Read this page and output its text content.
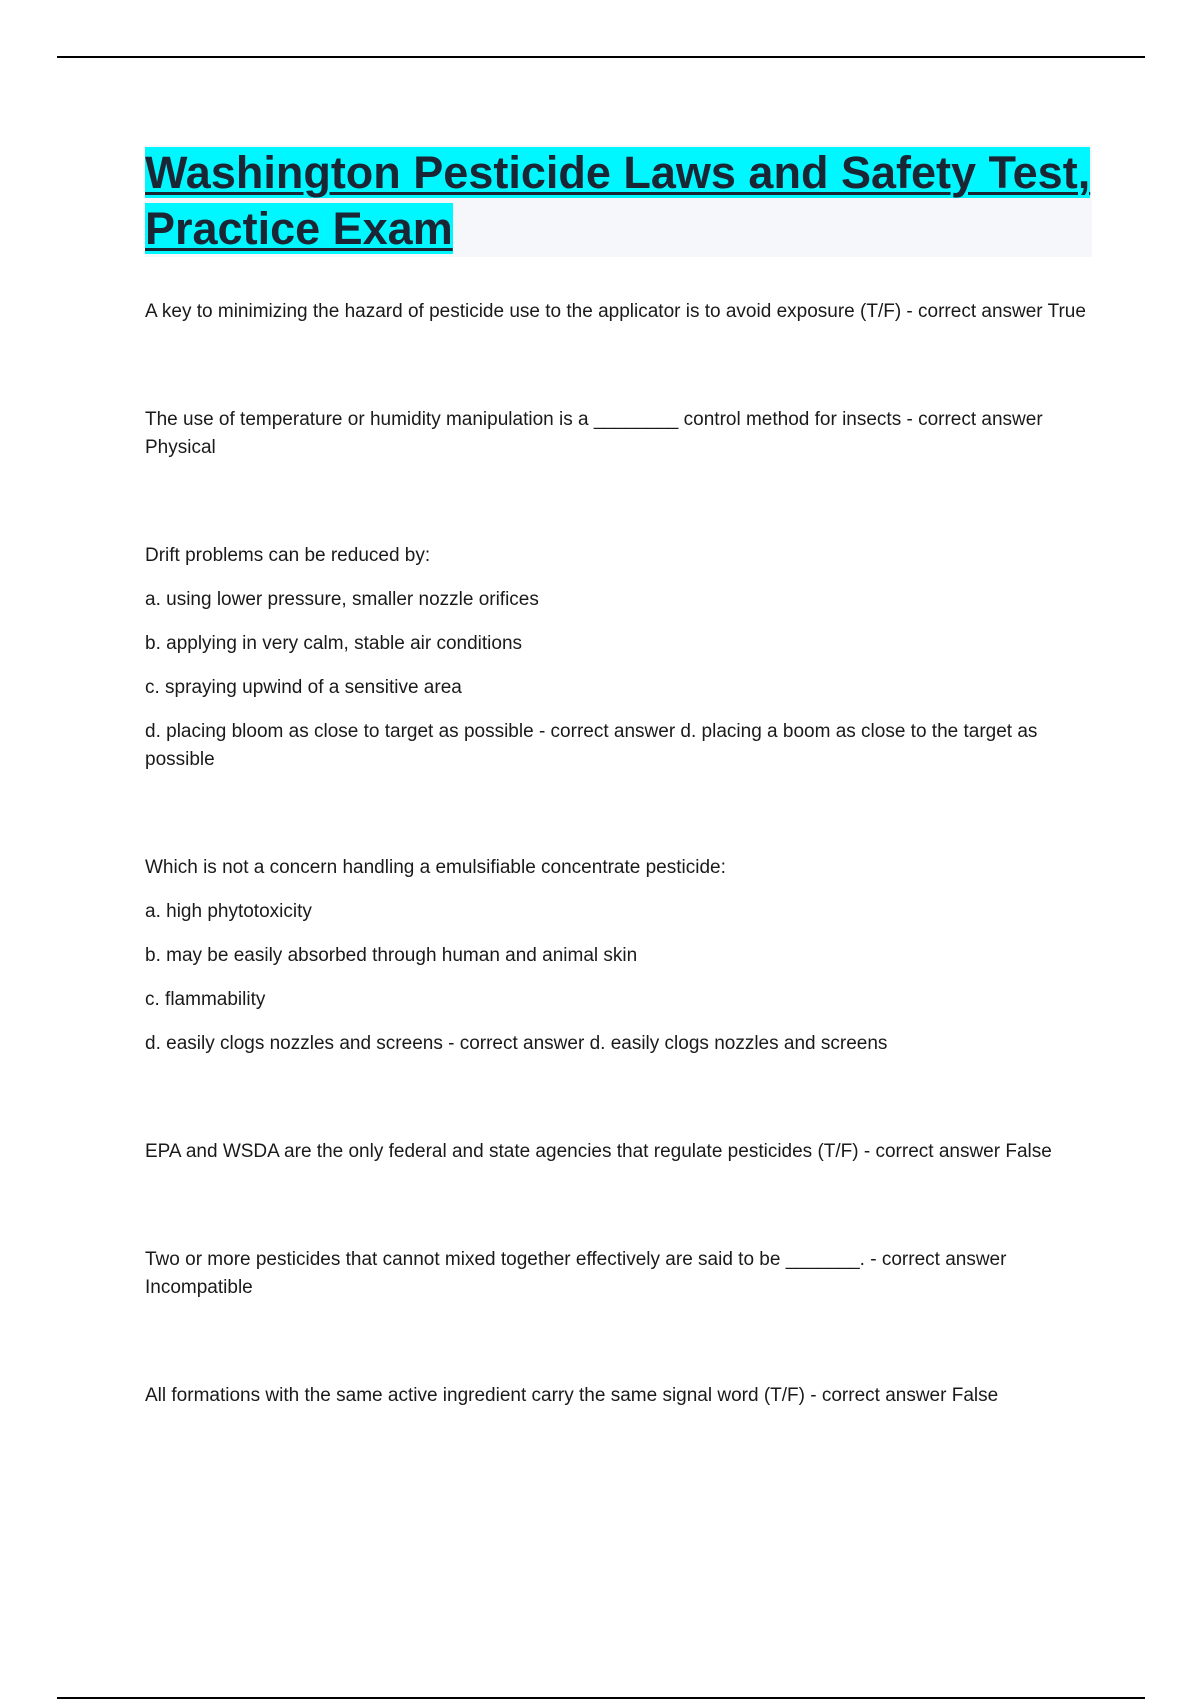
Washington Pesticide Laws and Safety Test, Practice Exam

A key to minimizing the hazard of pesticide use to the applicator is to avoid exposure (T/F) - correct answer True

The use of temperature or humidity manipulation is a ________ control method for insects - correct answer Physical

Drift problems can be reduced by:

a. using lower pressure, smaller nozzle orifices

b. applying in very calm, stable air conditions

c. spraying upwind of a sensitive area

d. placing bloom as close to target as possible - correct answer d. placing a boom as close to the target as possible

Which is not a concern handling a emulsifiable concentrate pesticide:

a. high phytotoxicity

b. may be easily absorbed through human and animal skin

c. flammability

d. easily clogs nozzles and screens - correct answer d. easily clogs nozzles and screens

EPA and WSDA are the only federal and state agencies that regulate pesticides (T/F) - correct answer False

Two or more pesticides that cannot mixed together effectively are said to be _______. - correct answer Incompatible

All formations with the same active ingredient carry the same signal word (T/F) - correct answer False
